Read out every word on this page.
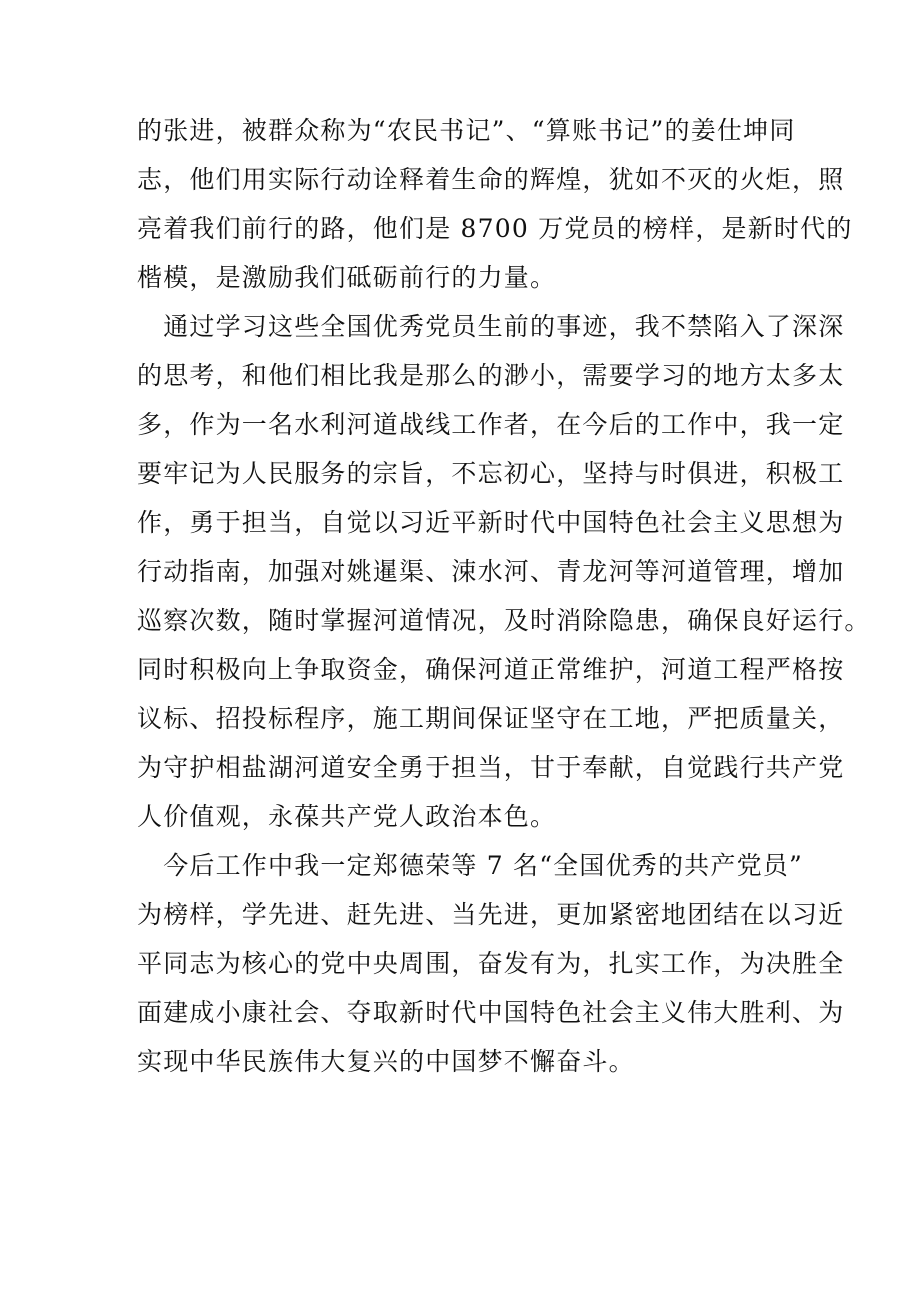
的张进，被群众称为“农民书记”、“算账书记”的姜仕坤同
志，他们用实际行动诠释着生命的辉煌，犹如不灭的火炬，照
亮着我们前行的路，他们是 8700 万党员的榜样，是新时代的
楷模，是激励我们砥砺前行的力量。
　通过学习这些全国优秀党员生前的事迹，我不禁陷入了深深
的思考，和他们相比我是那么的渺小，需要学习的地方太多太
多，作为一名水利河道战线工作者，在今后的工作中，我一定
要牢记为人民服务的宗旨，不忘初心，坚持与时俱进，积极工
作，勇于担当，自觉以习近平新时代中国特色社会主义思想为
行动指南，加强对姚暹渠、涑水河、青龙河等河道管理，增加
巡察次数，随时掌握河道情况，及时消除隐患，确保良好运行。
同时积极向上争取资金，确保河道正常维护，河道工程严格按
议标、招投标程序，施工期间保证坚守在工地，严把质量关，
为守护相盐湖河道安全勇于担当，甘于奉献，自觉践行共产党
人价值观，永葆共产党人政治本色。
　今后工作中我一定郑德荣等 7 名“全国优秀的共产党员”
为榜样，学先进、赶先进、当先进，更加紧密地团结在以习近
平同志为核心的党中央周围，奋发有为，扎实工作，为决胜全
面建成小康社会、夺取新时代中国特色社会主义伟大胜利、为
实现中华民族伟大复兴的中国梦不懈奋斗。
